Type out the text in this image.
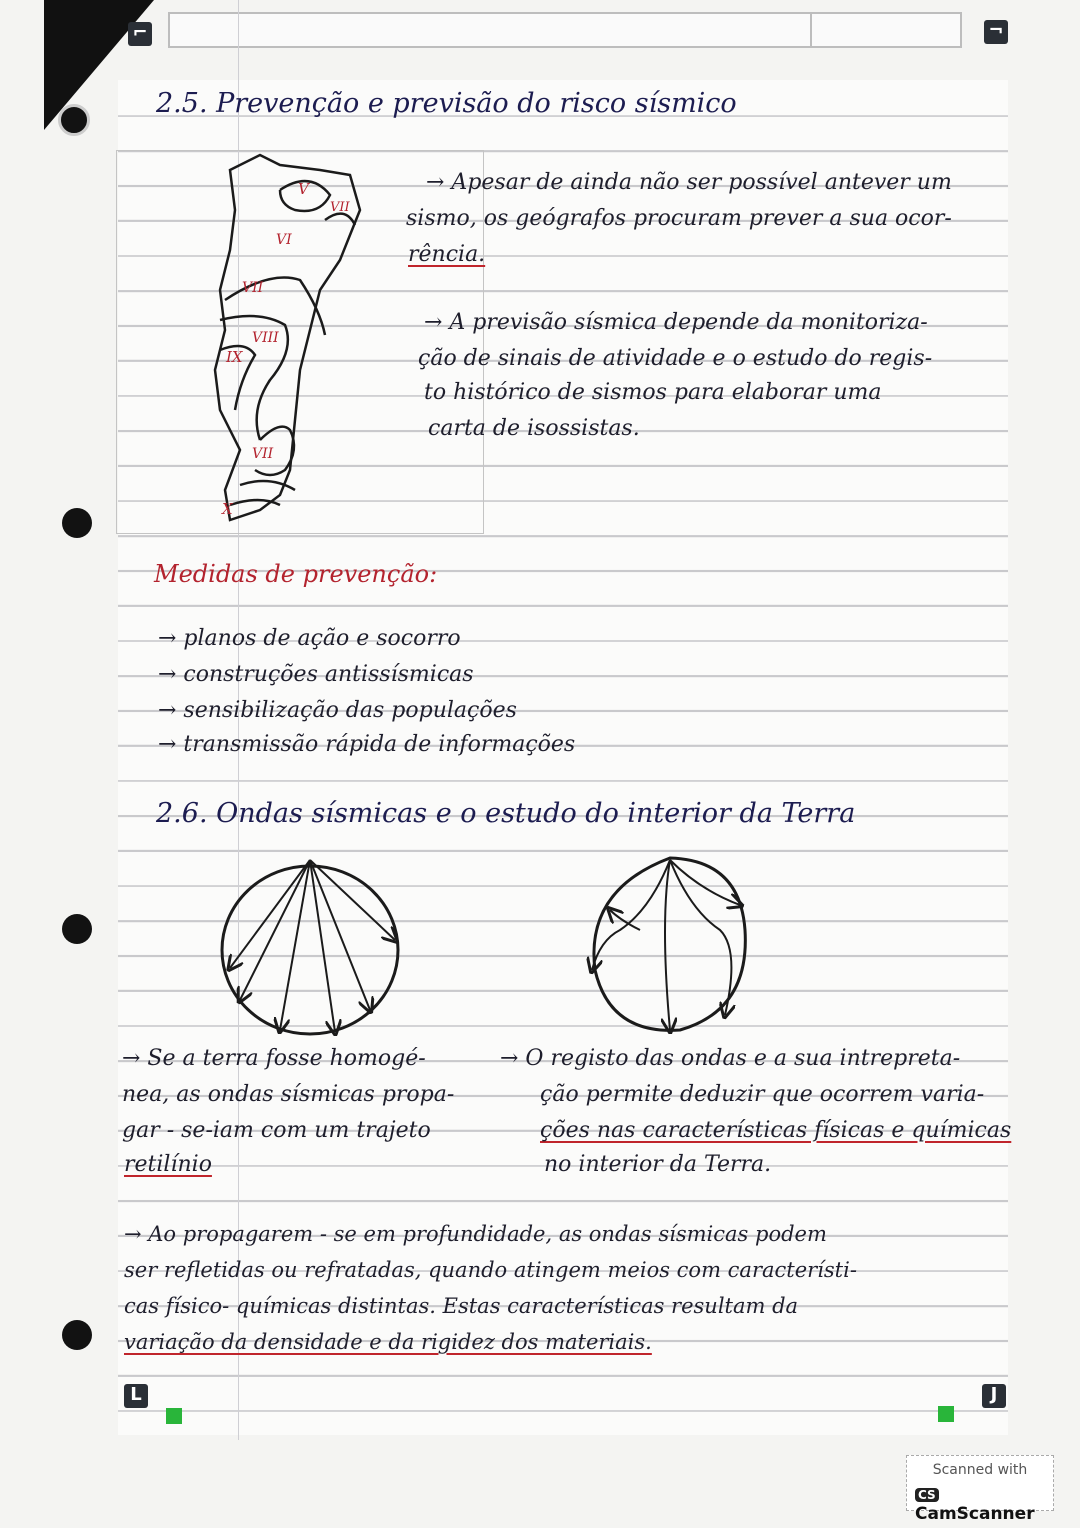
⌐	¬
2.5. Prevenção e previsão do risco sísmico
V
VII
VI
VII
VIII
IX
VII
X
→ Apesar de ainda não ser possível antever um
sismo, os geógrafos procuram prever a sua ocor-
rência.
→ A previsão sísmica depende da monitoriza-
ção de sinais de atividade e o estudo do regis-
to histórico de sismos para elaborar uma
carta de isossistas.
Medidas de prevenção:
→ planos de ação e socorro
→ construções antissísmicas
→ sensibilização das populações
→ transmissão rápida de informações
2.6. Ondas sísmicas e o estudo do interior da Terra
→ Se a terra fosse homogé-
nea, as ondas sísmicas propa-
gar - se-iam com um trajeto
retilínio
→ O registo das ondas e a sua intrepreta-
ção permite deduzir que ocorrem varia-
ções nas características físicas e químicas
no interior da Terra.
→ Ao propagarem - se em profundidade, as ondas sísmicas podem
ser refletidas ou refratadas, quando atingem meios com característi-
cas físico- químicas distintas. Estas características resultam da
variação da densidade e da rigidez dos materiais.
L	J
Scanned with
CSCamScanner
